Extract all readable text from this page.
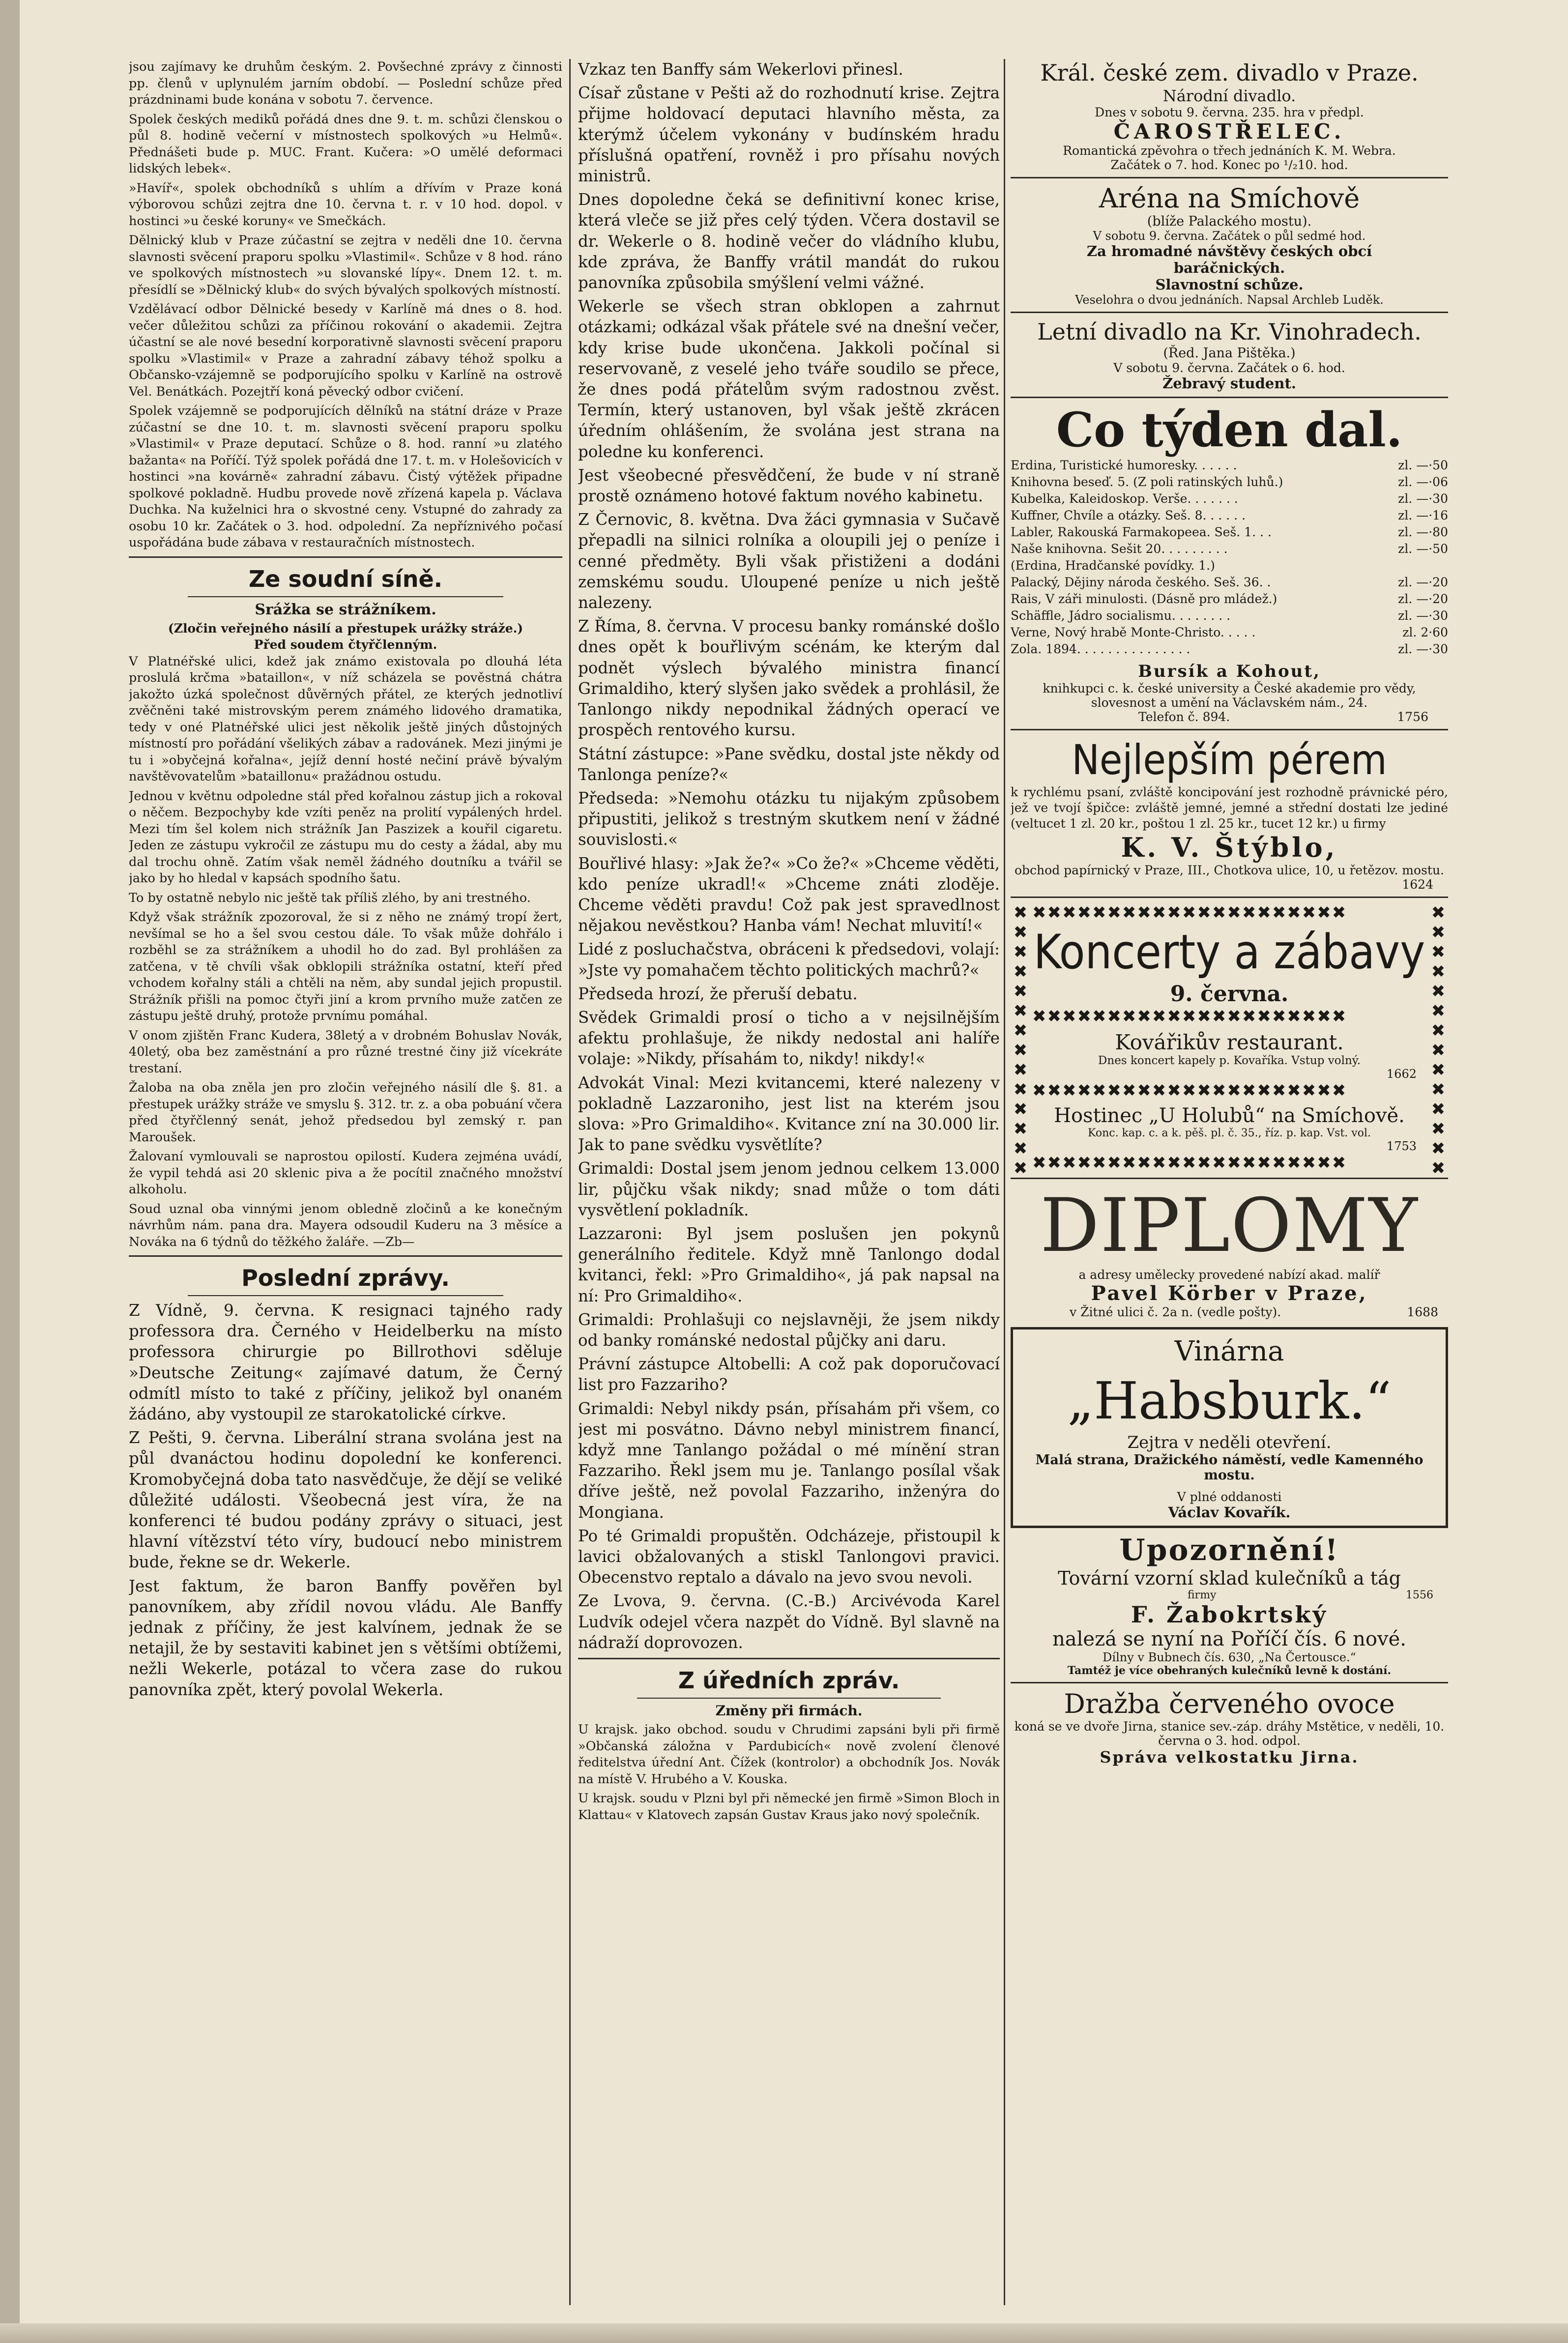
jsou zajímavy ke druhům českým. 2. Povšechné zprávy z činnosti pp. členů v uplynulém jarním období. — Poslední schůze před prázdninami bude konána v sobotu 7. července.

Spolek českých mediků pořádá dnes dne 9. t. m. schůzi členskou o půl 8. hodině večerní v místnostech spolkových »u Helmů«. Přednášeti bude p. MUC. Frant. Kučera: »O umělé deformaci lidských lebek«.

»Havíř«, spolek obchodníků s uhlím a dřívím v Praze koná výborovou schůzi zejtra dne 10. června t. r. v 10 hod. dopol. v hostinci »u české koruny« ve Smečkách.

Dělnický klub v Praze zúčastní se zejtra v neděli dne 10. června slavnosti svěcení praporu spolku »Vlastimil«. Schůze v 8 hod. ráno ve spolkových místnostech »u slovanské lípy«. Dnem 12. t. m. přesídlí se »Dělnický klub« do svých bývalých spolkových místností.

Vzdělávací odbor Dělnické besedy v Karlíně má dnes o 8. hod. večer důležitou schůzi za příčinou rokování o akademii. Zejtra účastní se ale nové besední korporativně slavnosti svěcení praporu spolku »Vlastimil« v Praze a zahradní zábavy téhož spolku a Občansko-vzájemně se podporujícího spolku v Karlíně na ostrově Vel. Benátkách. Pozejtří koná pěvecký odbor cvičení.

Spolek vzájemně se podporujících dělníků na státní dráze v Praze zúčastní se dne 10. t. m. slavnosti svěcení praporu spolku »Vlastimil« v Praze deputací. Schůze o 8. hod. ranní »u zlatého bažanta« na Poříčí. Týž spolek pořádá dne 17. t. m. v Holešovicích v hostinci »na kovárně« zahradní zábavu. Čistý výtěžek připadne spolkové pokladně. Hudbu provede nově zřízená kapela p. Václava Duchka. Na kuželnici hra o skvostné ceny. Vstupné do zahrady za osobu 10 kr. Začátek o 3. hod. odpolední. Za nepříznivého počasí uspořádána bude zábava v restauračních místnostech.

Ze soudní síně.
Srážka se strážníkem.
(Zločin veřejného násilí a přestupek urážky stráže.)
Před soudem čtyřčlenným.

V Platnéřské ulici, kdež jak známo existovala po dlouhá léta proslulá krčma »bataillon«, v níž scházela se pověstná chátra jakožto úzká společnost důvěrných přátel, ze kterých jednotliví zvěčněni také mistrovským perem známého lidového dramatika, tedy v oné Platnéřské ulici jest několik ještě jiných důstojných místností pro pořádání všelikých zábav a radovánek. Mezi jinými je tu i »obyčejná kořalna«, jejíž denní hosté nečiní právě bývalým navštěvovatelům »bataillonu« pražádnou ostudu.

Jednou v květnu odpoledne stál před kořalnou zástup jich a rokoval o něčem. Bezpochyby kde vzíti peněz na prolití vypálených hrdel. Mezi tím šel kolem nich strážník Jan Paszizek a kouřil cigaretu. Jeden ze zástupu vykročil ze zástupu mu do cesty a žádal, aby mu dal trochu ohně. Zatím však neměl žádného doutníku a tvářil se jako by ho hledal v kapsách spodního šatu.

To by ostatně nebylo nic ještě tak příliš zlého, by ani trestného.

Když však strážník zpozoroval, že si z něho ne známý tropí žert, nevšímal se ho a šel svou cestou dále. To však může dohřálo i rozběhl se za strážníkem a uhodil ho do zad. Byl prohlášen za zatčena, v tě chvíli však obklopili strážníka ostatní, kteří před vchodem kořalny stáli a chtěli na něm, aby sundal jejich propustil. Strážník přišli na pomoc čtyři jiní a krom prvního muže zatčen ze zástupu ještě druhý, protože prvnímu pomáhal.

V onom zjištěn Franc Kudera, 38letý a v drobném Bohuslav Novák, 40letý, oba bez zaměstnání a pro různé trestné činy již vícekráte trestaní.

Žaloba na oba zněla jen pro zločin veřejného násilí dle §. 81. a přestupek urážky stráže ve smyslu §. 312. tr. z. a oba pobuání včera před čtyřčlenný senát, jehož předsedou byl zemský r. pan Maroušek.

Žalovaní vymlouvali se naprostou opilostí. Kudera zejména uvádí, že vypil tehdá asi 20 sklenic piva a že pocítil značného množství alkoholu.

Soud uznal oba vinnými jenom obledně zločinů a ke konečným návrhům nám. pana dra. Mayera odsoudil Kuderu na 3 měsíce a Nováka na 6 týdnů do těžkého žaláře. —Zb—

Poslední zprávy.

Z Vídně, 9. června. K resignaci tajného rady professora dra. Černého v Heidelberku na místo professora chirurgie po Billrothovi sděluje »Deutsche Zeitung« zajímavé datum, že Černý odmítl místo to také z příčiny, jelikož byl onaném žádáno, aby vystoupil ze starokatolické církve.

Z Pešti, 9. června. Liberální strana svolána jest na půl dvanáctou hodinu dopolední ke konferenci. Kromobyčejná doba tato nasvědčuje, že dějí se veliké důležité události. Všeobecná jest víra, že na konferenci té budou podány zprávy o situaci, jest hlavní vítězství této víry, budoucí nebo ministrem bude, řekne se dr. Wekerle.

Jest faktum, že baron Banffy pověřen byl panovníkem, aby zřídil novou vládu. Ale Banffy jednak z příčiny, že jest kalvínem, jednak že se netajil, že by sestaviti kabinet jen s většími obtížemi, nežli Wekerle, potázal to včera zase do rukou panovníka zpět, který povolal Wekerla.

Vzkaz ten Banffy sám Wekerlovi přinesl.

Císař zůstane v Pešti až do rozhodnutí krise. Zejtra přijme holdovací deputaci hlavního města, za kterýmž účelem vykonány v budínském hradu příslušná opatření, rovněž i pro přísahu nových ministrů.

Dnes dopoledne čeká se definitivní konec krise, která vleče se již přes celý týden. Včera dostavil se dr. Wekerle o 8. hodině večer do vládního klubu, kde zpráva, že Banffy vrátil mandát do rukou panovníka způsobila smýšlení velmi vážné.

Wekerle se všech stran obklopen a zahrnut otázkami; odkázal však přátele své na dnešní večer, kdy krise bude ukončena. Jakkoli počínal si reservovaně, z veselé jeho tváře soudilo se přece, že dnes podá přátelům svým radostnou zvěst. Termín, který ustanoven, byl však ještě zkrácen úředním ohlášením, že svolána jest strana na poledne ku konferenci.

Jest všeobecné přesvědčení, že bude v ní straně prostě oznámeno hotové faktum nového kabinetu.

Z Černovic, 8. května. Dva žáci gymnasia v Sučavě přepadli na silnici rolníka a oloupili jej o peníze i cenné předměty. Byli však přistiženi a dodáni zemskému soudu. Uloupené peníze u nich ještě nalezeny.

Z Říma, 8. června. V procesu banky románské došlo dnes opět k bouřlivým scénám, ke kterým dal podnět výslech bývalého ministra financí Grimaldiho, který slyšen jako svědek a prohlásil, že Tanlongo nikdy nepodnikal žádných operací ve prospěch rentového kursu.

Státní zástupce: »Pane svědku, dostal jste někdy od Tanlonga peníze?«

Předseda: »Nemohu otázku tu nijakým způsobem připustiti, jelikož s trestným skutkem není v žádné souvislosti.«

Bouřlivé hlasy: »Jak že?« »Co že?« »Chceme věděti, kdo peníze ukradl!« »Chceme znáti zloděje. Chceme věděti pravdu! Což pak jest spravedlnost nějakou nevěstkou? Hanba vám! Nechat mluvití!«

Lidé z posluchačstva, obráceni k předsedovi, volají: »Jste vy pomahačem těchto politických machrů?«

Předseda hrozí, že přeruší debatu.

Svědek Grimaldi prosí o ticho a v nejsilnějším afektu prohlašuje, že nikdy nedostal ani halíře volaje: »Nikdy, přísahám to, nikdy! nikdy!«

Advokát Vinal: Mezi kvitancemi, které nalezeny v pokladně Lazzaroniho, jest list na kterém jsou slova: »Pro Grimaldiho«. Kvitance zní na 30.000 lir. Jak to pane svědku vysvětlíte?

Grimaldi: Dostal jsem jenom jednou celkem 13.000 lir, půjčku však nikdy; snad může o tom dáti vysvětlení pokladník.

Lazzaroni: Byl jsem poslušen jen pokynů generálního ředitele. Když mně Tanlongo dodal kvitanci, řekl: »Pro Grimaldiho«, já pak napsal na ní: Pro Grimaldiho«.

Grimaldi: Prohlašuji co nejslavněji, že jsem nikdy od banky románské nedostal půjčky ani daru.

Právní zástupce Altobelli: A což pak doporučovací list pro Fazzariho?

Grimaldi: Nebyl nikdy psán, přísahám při všem, co jest mi posvátno. Dávno nebyl ministrem financí, když mne Tanlango požádal o mé mínění stran Fazzariho. Řekl jsem mu je. Tanlango posílal však dříve ještě, než povolal Fazzariho, inženýra do Mongiana.

Po té Grimaldi propuštěn. Odcházeje, přistoupil k lavici obžalovaných a stiskl Tanlongovi pravici. Obecenstvo reptalo a dávalo na jevo svou nevoli.

Ze Lvova, 9. června. (C.-B.) Arcivévoda Karel Ludvík odejel včera nazpět do Vídně. Byl slavně na nádraží doprovozen.

Z úředních zpráv.
Změny při firmách.

U krajsk. jako obchod. soudu v Chrudimi zapsáni byli při firmě »Občanská záložna v Pardubicích« nově zvolení členové ředitelstva úřední Ant. Čížek (kontrolor) a obchodník Jos. Novák na místě V. Hrubého a V. Kouska.

U krajsk. soudu v Plzni byl při německé jen firmě »Simon Bloch in Klattau« v Klatovech zapsán Gustav Kraus jako nový společník.

Král. české zem. divadlo v Praze.
Národní divadlo.
Dnes v sobotu 9. června. 235. hra v předpl.
ČAROSTŘELEC.
Romantická zpěvohra o třech jednáních K. M. Webra.
Začátek o 7. hod. Konec po ¹/₂10. hod.
Aréna na Smíchově
(blíže Palackého mostu).
V sobotu 9. června. Začátek o půl sedmé hod.
Za hromadné návštěvy českých obcí
baráčnických.
Slavnostní schůze.
Veselohra o dvou jednáních. Napsal Archleb Luděk.
Letní divadlo na Kr. Vinohradech.
(Řed. Jana Pištěka.)
V sobotu 9. června. Začátek o 6. hod.
Žebravý student.
Co týden dal.
Erdina, Turistické humoresky. . . . . .	zl. —·50
Knihovna beseď. 5. (Z poli ratinských luhů.)	zl. —·06
Kubelka, Kaleidoskop. Verše. . . . . . .	zl. —·30
Kuffner, Chvíle a otázky. Seš. 8. . . . . .	zl. —·16
Labler, Rakouská Farmakopeea. Seš. 1. . .	zl. —·80
Naše knihovna. Sešit 20. . . . . . . . .	zl. —·50
(Erdina, Hradčanské povídky. 1.)
Palacký, Dějiny národa českého. Seš. 36. .	zl. —·20
Rais, V záři minulosti. (Dásně pro mládež.)	zl. —·20
Schäffle, Jádro socialismu. . . . . . . .	zl. —·30
Verne, Nový hrabě Monte-Christo. . . . .	zl. 2·60
Zola. 1894. . . . . . . . . . . . . . .	zl. —·30
Bursík a Kohout,
knihkupci c. k. české university a České akademie pro vědy, slovesnost a umění na Václavském nám., 24.
Telefon č. 894.	1756
Nejlepším pérem
k rychlému psaní, zvláště koncipování jest rozhodně právnické péro, jež ve tvojí špičce: zvláště jemné, jemné a střední dostati lze jediné (veltucet 1 zl. 20 kr., poštou 1 zl. 25 kr., tucet 12 kr.) u firmy
K. V. Štýblo,
obchod papírnický v Praze, III., Chotkova ulice, 10, u řetězov. mostu.
1624
✖✖✖✖✖✖✖✖✖✖✖✖✖✖✖✖✖✖✖✖✖
Koncerty a zábavy
9. června.
✖✖✖✖✖✖✖✖✖✖✖✖✖✖✖✖✖✖✖✖✖
Kovářikův restaurant.
Dnes koncert kapely p. Kovaříka. Vstup volný.
1662
✖✖✖✖✖✖✖✖✖✖✖✖✖✖✖✖✖✖✖✖✖
Hostinec „U Holubů“ na Smíchově.
Konc. kap. c. a k. pěš. pl. č. 35., říz. p. kap. Vst. vol.
1753
✖✖✖✖✖✖✖✖✖✖✖✖✖✖✖✖✖✖✖✖✖
✖
✖
✖
✖
✖
✖
✖
✖
✖
✖
✖
✖
✖
✖
✖
✖
✖
✖
✖
✖
✖
✖
✖
✖
✖
✖
✖
✖
DIPLOMY
a adresy umělecky provedené nabízí akad. malíř
Pavel Körber v Praze,
v Žitné ulici č. 2a n. (vedle pošty).	1688
Vinárna
„Habsburk.“
Zejtra v neděli otevření.
Malá strana, Dražického náměstí, vedle Kamenného mostu.
V plné oddanosti
Václav Kovařík.
Upozornění!
Tovární vzorní sklad kulečníků a tág
firmy	1556
F. Žabokrtský
nalezá se nyní na Poříčí čís. 6 nové.
Dílny v Bubnech čís. 630, „Na Čertousce.“
Tamtéž je více obehraných kulečníků levně k dostání.
Dražba červeného ovoce
koná se ve dvoře Jirna, stanice sev.-záp. dráhy Mstětice, v neděli, 10. června o 3. hod. odpol.
Správa velkostatku Jirna.
